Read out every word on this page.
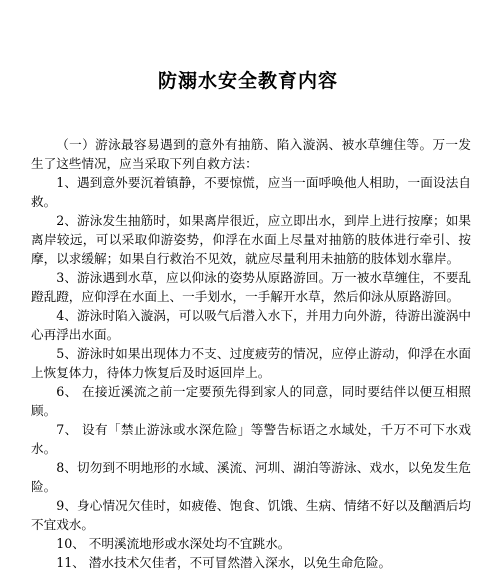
防溺水安全教育内容

（一）游泳最容易遇到的意外有抽筋、陷入漩涡、被水草缠住等。万一发生了这些情况，应当采取下列自救方法：

1、遇到意外要沉着镇静，不要惊慌，应当一面呼唤他人相助，一面设法自救。

2、游泳发生抽筋时，如果离岸很近，应立即出水，到岸上进行按摩；如果离岸较远，可以采取仰游姿势，仰浮在水面上尽量对抽筋的肢体进行牵引、按摩，以求缓解；如果自行救治不见效，就应尽量利用未抽筋的肢体划水靠岸。

3、游泳遇到水草，应以仰泳的姿势从原路游回。万一被水草缠住，不要乱蹬乱蹬，应仰浮在水面上、一手划水，一手解开水草，然后仰泳从原路游回。

4、游泳时陷入漩涡，可以吸气后潜入水下，并用力向外游，待游出漩涡中心再浮出水面。

5、游泳时如果出现体力不支、过度疲劳的情况，应停止游动，仰浮在水面上恢复体力，待体力恢复后及时返回岸上。

6、 在接近溪流之前一定要预先得到家人的同意，同时要结伴以便互相照顾。

7、 设有「禁止游泳或水深危险」等警告标语之水域处，千万不可下水戏水。

8、切勿到不明地形的水域、溪流、河圳、湖泊等游泳、戏水，以免发生危险。

9、身心情况欠佳时，如疲倦、饱食、饥饿、生病、情绪不好以及酗酒后均不宜戏水。

10、 不明溪流地形或水深处均不宜跳水。

11、 潜水技术欠佳者，不可冒然潜入深水，以免生命危险。
